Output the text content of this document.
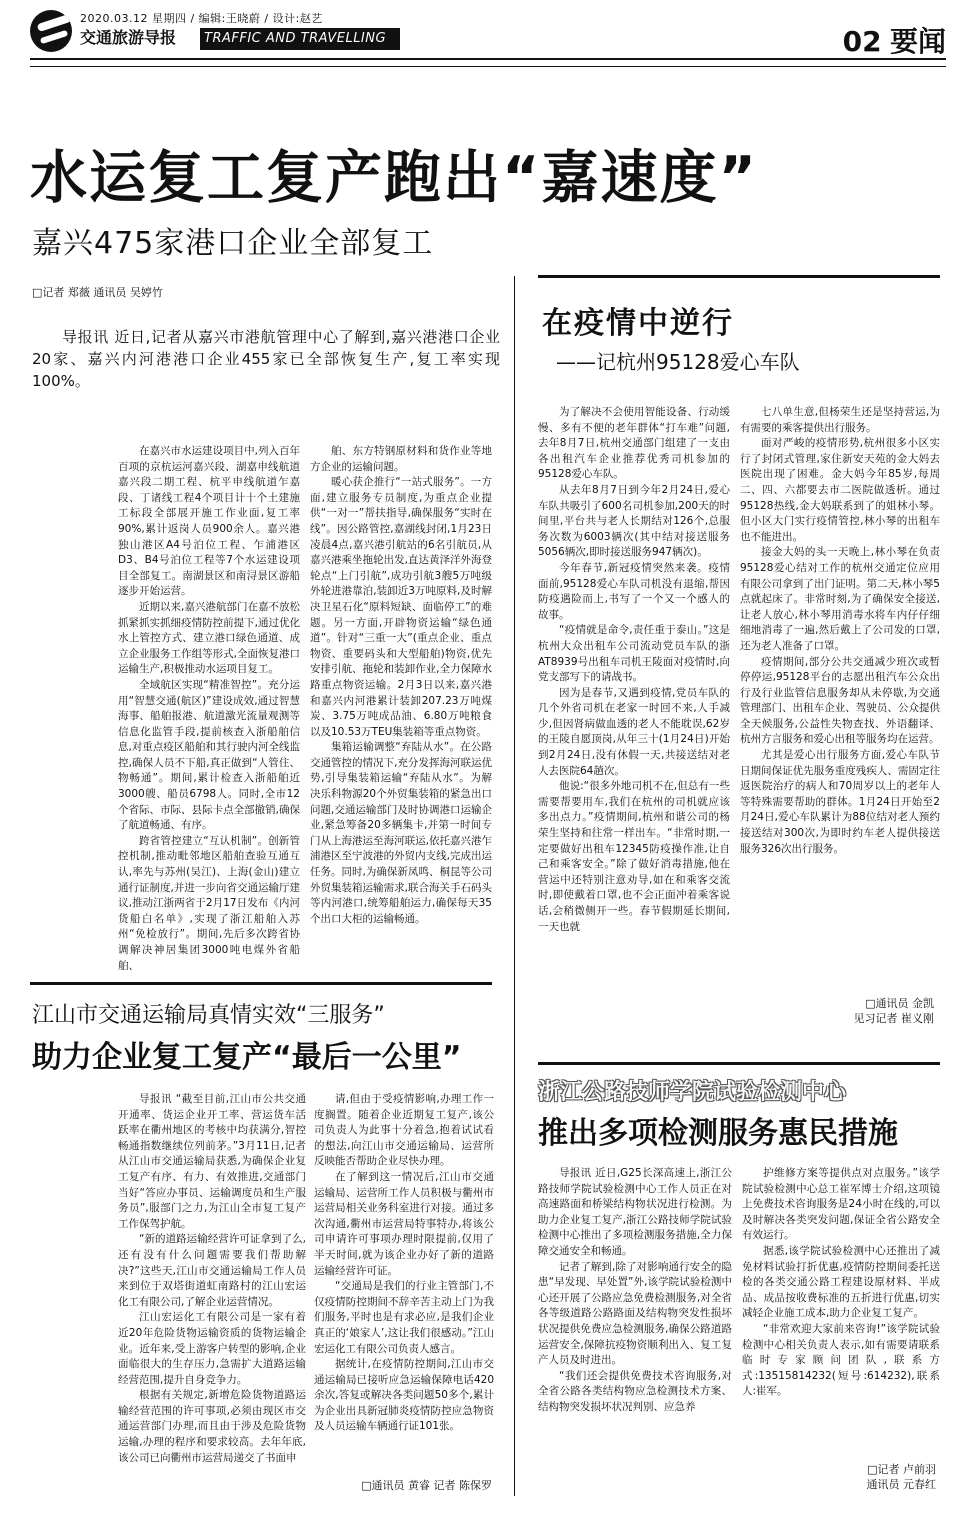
2020.03.12 星期四 / 编辑:王晓蔚 / 设计:赵艺
交通旅游导报	TRAFFIC AND TRAVELLING	02 要闻
水运复工复产跑出“嘉速度”
嘉兴475家港口企业全部复工
□记者 郑薇 通讯员 吴婷竹
导报讯 近日,记者从嘉兴市港航管理中心了解到,嘉兴港港口企业20家、嘉兴内河港港口企业455家已全部恢复生产,复工率实现100%。

在嘉兴市水运建设项目中,列入百年百项的京杭运河嘉兴段、湖嘉申线航道嘉兴段二期工程、杭平申线航道乍嘉段、丁诸线工程4个项目计十个土建施工标段全部展开施工作业面,复工率90%,累计返岗人员900余人。嘉兴港独山港区A4号泊位工程、乍浦港区D3、B4号泊位工程等7个水运建设项目全部复工。南湖景区和南浔景区游船逐步开始运营。

近期以来,嘉兴港航部门在嘉不放松抓紧抓实抓细疫情防控前提下,通过优化水上管控方式、建立港口绿色通道、成立企业服务工作组等形式,全面恢复港口运输生产,积极推动水运项目复工。

全域航区实现“精准智控”。充分运用“智慧交通(航区)”建设成效,通过智慧海事、船舶报港、航道激光流量观测等信息化监管手段,提前核查入浙船舶信息,对重点疫区船舶和其行驶内河全线监控,确保人员不下船,真正做到“人管住、物畅通”。期间,累计检查入浙船舶近3000艘、船员6798人。同时,全市12个省际、市际、县际卡点全部撤销,确保了航道畅通、有序。

跨省管控建立“互认机制”。创新管控机制,推动毗邻地区船舶查验互通互认,率先与苏州(吴江)、上海(金山)建立通行证制度,并进一步向省交通运输厅建议,推动江浙两省于2月17日发布《内河货船白名单》,实现了浙江船舶入苏州“免检放行”。期间,先后多次跨省协调解决神居集团3000吨电煤外省船舶、

舶、东方特钢原材料和货作业等地方企业的运输问题。

暖心获企推行“一站式服务”。一方面,建立服务专员制度,为重点企业提供“一对一”帮扶指导,确保服务“实时在线”。因公路管控,嘉湖线封闭,1月23日凌晨4点,嘉兴港引航站的6名引航员,从嘉兴港乘坐拖轮出发,直达黄泽洋外海登轮点“上门引航”,成功引航3艘5万吨级外轮进港靠泊,装卸近3万吨原料,及时解决卫星石化“原料短缺、面临停工”的难题。另一方面,开辟物资运输“绿色通道”。针对“三重一大”(重点企业、重点物资、重要码头和大型船舶)物资,优先安排引航、拖轮和装卸作业,全力保障水路重点物资运输。2月3日以来,嘉兴港和嘉兴内河港累计装卸207.23万吨煤炭、3.75万吨成品油、6.80万吨粮食以及10.53万TEU集装箱等重点物资。

集箱运输调整“弃陆从水”。在公路交通管控的情况下,充分发挥海河联运优势,引导集装箱运输“弃陆从水”。为解决乐科物源20个外贸集装箱的紧急出口问题,交通运输部门及时协调港口运输企业,紧急筹备20多辆集卡,并第一时间专门从上海港运至海河联运,依托嘉兴港乍浦港区至宁波港的外贸内支线,完成出运任务。同时,为确保新凤鸣、桐昆等公司外贸集装箱运输需求,联合海关手石码头等内河港口,统筹船舶运力,确保每天35个出口大柜的运输畅通。

在疫情中逆行
——记杭州95128爱心车队

为了解决不会使用智能设备、行动缓慢、多有不便的老年群体“打车难”问题,去年8月7日,杭州交通部门组建了一支由各出租汽车企业推荐优秀司机参加的95128爱心车队。

从去年8月7日到今年2月24日,爱心车队共吸引了600名司机参加,200天的时间里,平台共与老人长期结对126个,总服务次数为6003辆次(其中结对接送服务5056辆次,即时接送服务947辆次)。

今年春节,新冠疫情突然来袭。疫情面前,95128爱心车队司机没有退缩,帮因防疫遇险而上,书写了一个又一个感人的故事。

“疫情就是命令,责任重于泰山。”这是杭州大众出租车公司流动党员车队的浙AT8939号出租车司机王陵面对疫情时,向党支部写下的请战书。

因为是春节,又遇到疫情,党员车队的几个外省司机在老家一时回不来,人手减少,但因肾病做血透的老人不能耽误,62岁的王陵自愿顶岗,从年三十(1月24日)开始到2月24日,没有休假一天,共接送结对老人去医院64趟次。

他说:“很多外地司机不在,但总有一些需要帮要用车,我们在杭州的司机就应该多出点力。”疫情期间,杭州和谐公司的杨荣生坚持和往常一样出车。“非常时期,一定要做好出租车12345防疫操作准,让自己和乘客安全。”除了做好消毒措施,他在营运中还特别注意劝导,如在和乘客交流时,即使戴着口罩,也不会正面冲着乘客说话,会稍微侧开一些。春节假期延长期间,一天也就

七八单生意,但杨荣生还是坚持营运,为有需要的乘客提供出行服务。

面对严峻的疫情形势,杭州很多小区实行了封闭式管理,家住新安天苑的金大妈去医院出现了困难。金大妈今年85岁,每周二、四、六都要去市二医院做透析。通过95128热线,金大妈联系到了的姐林小琴。但小区大门实行疫情管控,林小琴的出租车也不能进出。

接金大妈的头一天晚上,林小琴在负责95128爱心结对工作的杭州交通定位应用有限公司拿到了出门证明。第二天,林小琴5点就起床了。非常时刻,为了确保安全接送,让老人放心,林小琴用消毒水将车内仔仔细细地消毒了一遍,然后戴上了公司发的口罩,还为老人准备了口罩。

疫情期间,部分公共交通减少班次或暂停停运,95128平台的志愿出租汽车公众出行及行业监管信息服务却从未停歇,为交通管理部门、出租车企业、驾驶员、公众提供全天候服务,公益性失物查找、外语翻译、杭州方言服务和爱心出租等服务均在运营。

尤其是爱心出行服务方面,爱心车队节日期间保证优先服务重度残疾人、需固定往返医院治疗的病人和70周岁以上的老年人等特殊需要帮助的群体。1月24日开始至2月24日,爱心车队累计为88位结对老人预约接送结对300次,为即时约车老人提供接送服务326次出行服务。

□通讯员 金凯
见习记者 崔义刚
江山市交通运输局真情实效“三服务”
助力企业复工复产“最后一公里”

导报讯 “截至目前,江山市公共交通开通率、货运企业开工率、营运货车活跃率在衢州地区的考核中均获满分,智控畅通指数继续位列前茅。”3月11日,记者从江山市交通运输局获悉,为确保企业复工复产有序、有力、有效推进,交通部门当好“答应办事员、运输调度员和生产服务员”,服部门之力,为江山全市复工复产工作保驾护航。

“新的道路运输经营许可证拿到了么,还有没有什么问题需要我们帮助解决?”这些天,江山市交通运输局工作人员来到位于双塔街道虹南路村的江山宏运化工有限公司,了解企业运营情况。

江山宏运化工有限公司是一家有着近20年危险货物运输资质的货物运输企业。近年来,受上游客户转型的影响,企业面临很大的生存压力,急需扩大道路运输经营范围,提升自身竞争力。

根据有关规定,新增危险货物道路运输经营范围的许可事项,必须由现区市交通运营部门办理,而且由于涉及危险货物运输,办理的程序和要求较高。去年年底,该公司已向衢州市运营局递交了书面申

请,但由于受疫情影响,办理工作一度搁置。随着企业近期复工复产,该公司负责人为此事十分着急,抱着试试看的想法,向江山市交通运输局、运营所反映能否帮助企业尽快办理。

在了解到这一情况后,江山市交通运输局、运营所工作人员积极与衢州市运营局相关业务科室进行对接。通过多次沟通,衢州市运营局特事特办,将该公司申请许可事项办理时限提前,仅用了半天时间,就为该企业办好了新的道路运输经营许可证。

“交通局是我们的行业主管部门,不仅疫情防控期间不辞辛苦主动上门为我们服务,平时也是有求必应,是我们企业真正的‘娘家人’,这让我们很感动。”江山宏运化工有限公司负责人感言。

据统计,在疫情防控期间,江山市交通运输局已接听应急运输保障电话420余次,答复或解决各类问题50多个,累计为企业出具新冠肺炎疫情防控应急物资及人员运输车辆通行证101张。

□通讯员 黄睿 记者 陈保罗
浙江公路技师学院试验检测中心
推出多项检测服务惠民措施

导报讯 近日,G25长深高速上,浙江公路技师学院试验检测中心工作人员正在对高速路面和桥梁结构物状况进行检测。为助力企业复工复产,浙江公路技师学院试验检测中心推出了多项检测服务措施,全力保障交通安全和畅通。

记者了解到,除了对影响通行安全的隐患“早发现、早处置”外,该学院试验检测中心还开展了公路应急免费检测服务,对全省各等级道路公路路面及结构物突发性损坏状况提供免费应急检测服务,确保公路道路运营安全,保障抗疫物资顺利出入、复工复产人员及时进出。

“我们还会提供免费技术咨询服务,对全省公路各类结构物应急检测技术方案、结构物突发损坏状况判别、应急养

护维修方案等提供点对点服务。”该学院试验检测中心总工崔军博士介绍,这项镜上免费技术咨询服务是24小时在线的,可以及时解决各类突发问题,保证全省公路安全有效运行。

据悉,该学院试验检测中心还推出了减免材料试验打折优惠,疫情防控期间委托送检的各类交通公路工程建设原材料、半成品、成品按收费标准的五折进行优惠,切实减轻企业施工成本,助力企业复工复产。

“非常欢迎大家前来咨询!”该学院试验检测中心相关负责人表示,如有需要请联系临时专家顾问团队,联系方式:13515814232(短号:614232),联系人:崔军。

□记者 卢前羽
通讯员 元春红
